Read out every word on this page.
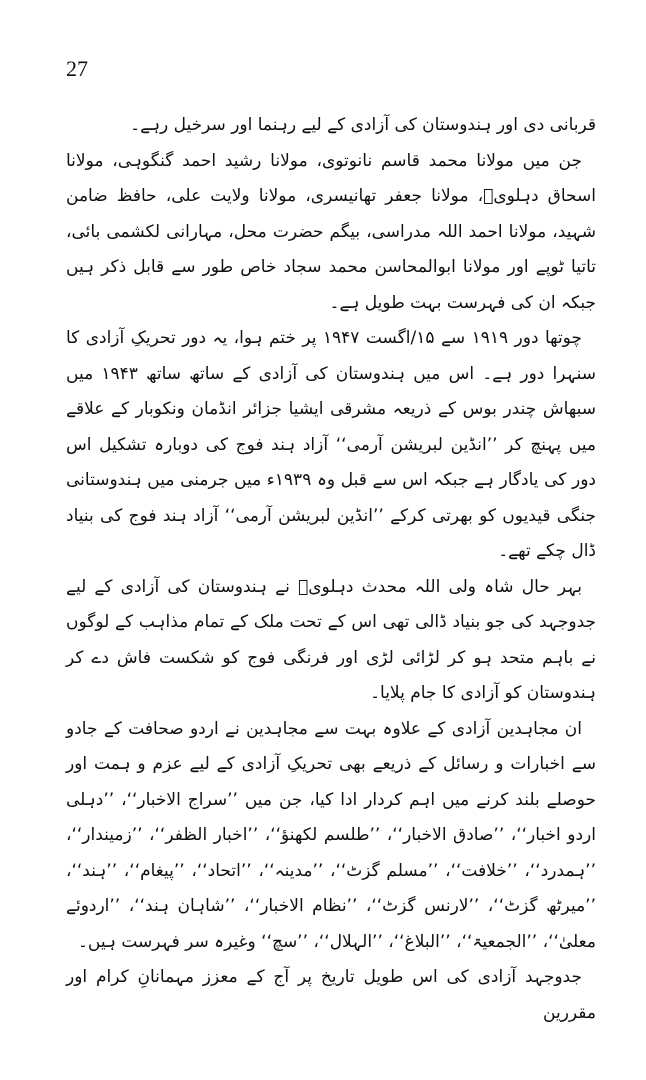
27

قربانی دی اور ہندوستان کی آزادی کے لیے رہنما اور سرخیل رہے۔

جن میں مولانا محمد قاسم نانوتوی، مولانا رشید احمد گنگوہی، مولانا اسحاق دہلویؒ، مولانا جعفر تھانیسری، مولانا ولایت علی، حافظ ضامن شہید، مولانا احمد اللہ مدراسی، بیگم حضرت محل، مہارانی لکشمی بائی، تاتیا ٹوپے اور مولانا ابوالمحاسن محمد سجاد خاص طور سے قابل ذکر ہیں جبکہ ان کی فہرست بہت طویل ہے۔

چوتھا دور ۱۹۱۹ سے ۱۵/اگست ۱۹۴۷ پر ختم ہوا، یہ دور تحریکِ آزادی کا سنہرا دور ہے۔ اس میں ہندوستان کی آزادی کے ساتھ ساتھ ۱۹۴۳ میں سبھاش چندر بوس کے ذریعہ مشرقی ایشیا جزائر انڈمان ونکوبار کے علاقے میں پہنچ کر ’’انڈین لبریشن آرمی‘‘ آزاد ہند فوج کی دوبارہ تشکیل اس دور کی یادگار ہے جبکہ اس سے قبل وہ ۱۹۳۹ء میں جرمنی میں ہندوستانی جنگی قیدیوں کو بھرتی کرکے ’’انڈین لبریشن آرمی‘‘ آزاد ہند فوج کی بنیاد ڈال چکے تھے۔

بہر حال شاہ ولی اللہ محدث دہلویؒ نے ہندوستان کی آزادی کے لیے جدوجہد کی جو بنیاد ڈالی تھی اس کے تحت ملک کے تمام مذاہب کے لوگوں نے باہم متحد ہو کر لڑائی لڑی اور فرنگی فوج کو شکست فاش دے کر ہندوستان کو آزادی کا جام پلایا۔

ان مجاہدین آزادی کے علاوہ بہت سے مجاہدین نے اردو صحافت کے جادو سے اخبارات و رسائل کے ذریعے بھی تحریکِ آزادی کے لیے عزم و ہمت اور حوصلے بلند کرنے میں اہم کردار ادا کیا، جن میں ’’سراج الاخبار‘‘، ’’دہلی اردو اخبار‘‘، ’’صادق الاخبار‘‘، ’’طلسم لکھنؤ‘‘، ’’اخبار الظفر‘‘، ’’زمیندار‘‘، ’’ہمدرد‘‘، ’’خلافت‘‘، ’’مسلم گزٹ‘‘، ’’مدینہ‘‘، ’’اتحاد‘‘، ’’پیغام‘‘، ’’ہند‘‘، ’’میرٹھ گزٹ‘‘، ’’لارنس گزٹ‘‘، ’’نظام الاخبار‘‘، ’’شاہان ہند‘‘، ’’اردوئے معلیٰ‘‘، ’’الجمعیۃ‘‘، ’’البلاغ‘‘، ’’الہلال‘‘، ’’سچ‘‘ وغیرہ سر فہرست ہیں۔

جدوجہد آزادی کی اس طویل تاریخ پر آج کے معزز مہمانانِ کرام اور مقررین
